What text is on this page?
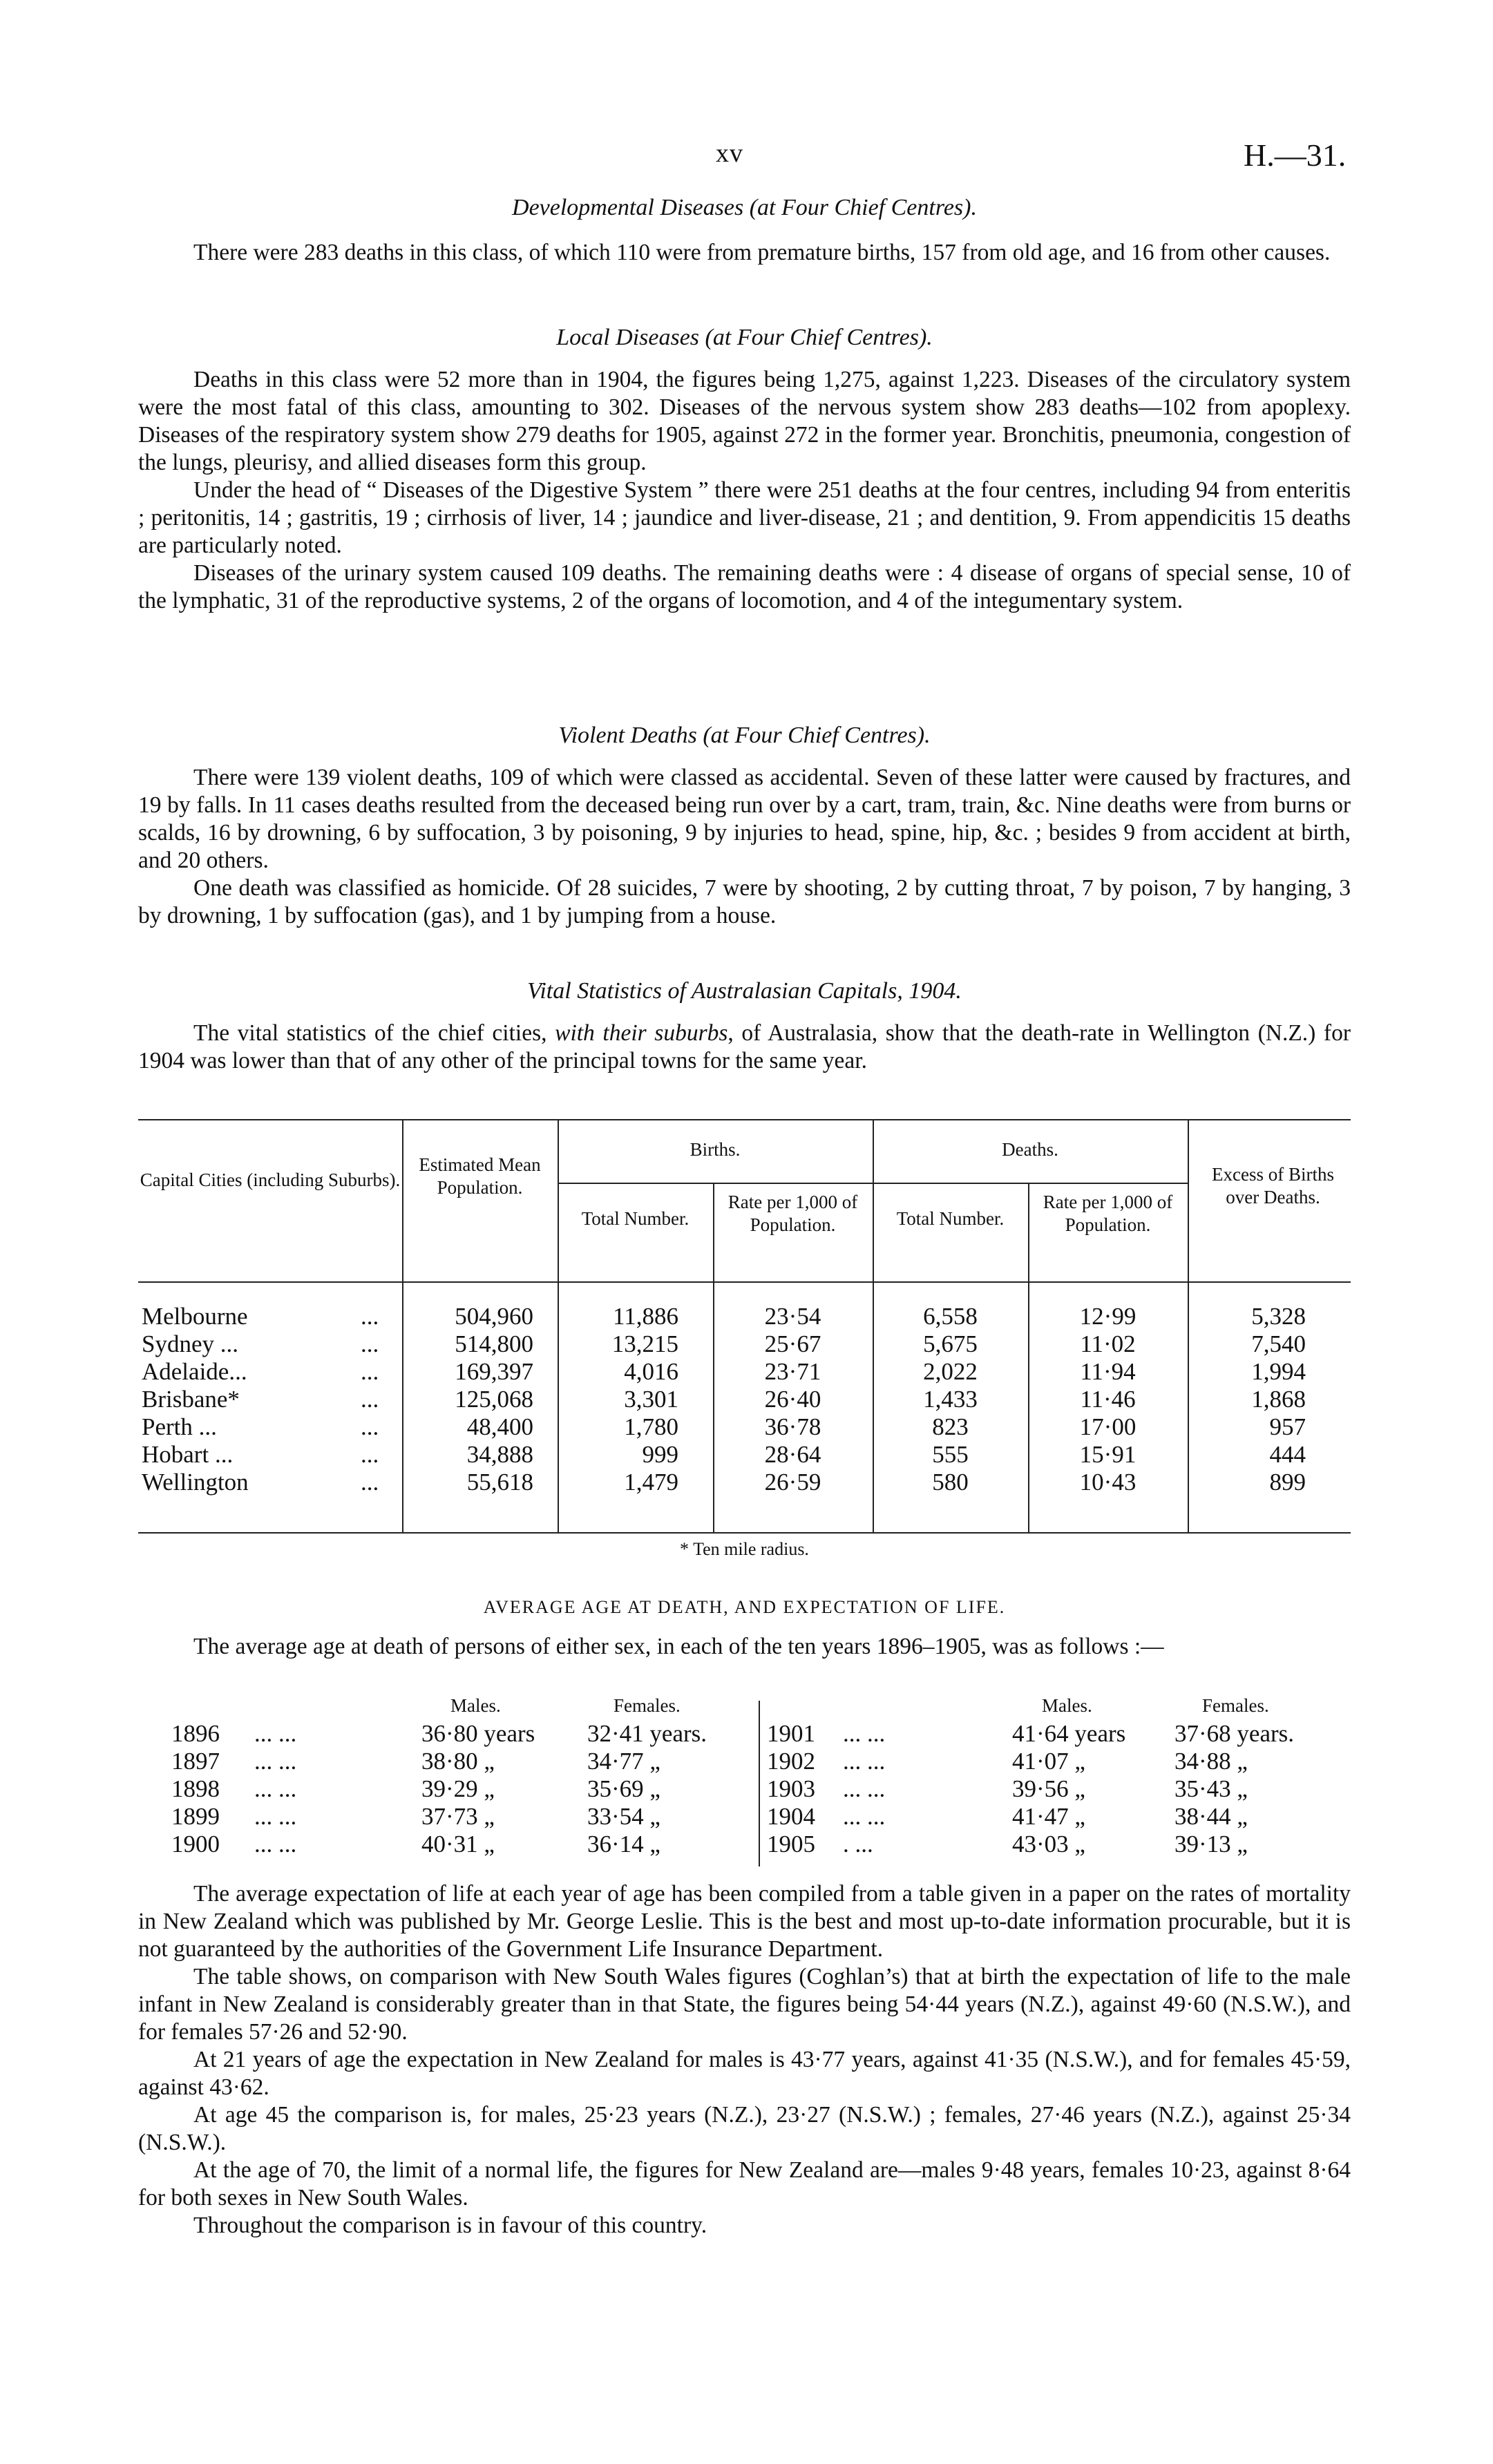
xv	H.—31.
Developmental Diseases (at Four Chief Centres).

There were 283 deaths in this class, of which 110 were from premature births, 157 from old age, and 16 from other causes.

Local Diseases (at Four Chief Centres).

Deaths in this class were 52 more than in 1904, the figures being 1,275, against 1,223. Diseases of the circulatory system were the most fatal of this class, amounting to 302. Diseases of the nervous system show 283 deaths—102 from apoplexy. Diseases of the respiratory system show 279 deaths for 1905, against 272 in the former year. Bronchitis, pneumonia, congestion of the lungs, pleurisy, and allied diseases form this group.

Under the head of “ Diseases of the Digestive System ” there were 251 deaths at the four centres, including 94 from enteritis ; peritonitis, 14 ; gastritis, 19 ; cirrhosis of liver, 14 ; jaundice and liver-disease, 21 ; and dentition, 9. From appendicitis 15 deaths are particularly noted.

Diseases of the urinary system caused 109 deaths. The remaining deaths were : 4 disease of organs of special sense, 10 of the lymphatic, 31 of the reproductive systems, 2 of the organs of locomotion, and 4 of the integumentary system.

Violent Deaths (at Four Chief Centres).

There were 139 violent deaths, 109 of which were classed as accidental. Seven of these latter were caused by fractures, and 19 by falls. In 11 cases deaths resulted from the deceased being run over by a cart, tram, train, &c. Nine deaths were from burns or scalds, 16 by drowning, 6 by suffocation, 3 by poisoning, 9 by injuries to head, spine, hip, &c. ; besides 9 from accident at birth, and 20 others.

One death was classified as homicide. Of 28 suicides, 7 were by shooting, 2 by cutting throat, 7 by poison, 7 by hanging, 3 by drowning, 1 by suffocation (gas), and 1 by jumping from a house.

Vital Statistics of Australasian Capitals, 1904.

The vital statistics of the chief cities, with their suburbs, of Australasia, show that the death-rate in Wellington (N.Z.) for 1904 was lower than that of any other of the principal towns for the same year.

Capital Cities (including Suburbs).
Estimated Mean Population.
Births.	Deaths.
Total Number.
Rate per 1,000 of Population.	Total Number.
Rate per 1,000 of Population.
Excess of Births over Deaths.
Melbourne	...	504,960	11,886	23·54	6,558	12·99	5,328
Sydney ...	...	514,800	13,215	25·67	5,675	11·02	7,540
Adelaide...	...	169,397	4,016	23·71	2,022	11·94	1,994
Brisbane*	...	125,068	3,301	26·40	1,433	11·46	1,868
Perth ...	...	48,400	1,780	36·78	823	17·00	957
Hobart ...	...	34,888	999	28·64	555	15·91	444
Wellington	...	55,618	1,479	26·59	580	10·43	899
* Ten mile radius.
AVERAGE AGE AT DEATH, AND EXPECTATION OF LIFE.

The average age at death of persons of either sex, in each of the ten years 1896–1905, was as follows :—

Males.	Females.	Males.	Females.
1896 ... ...	36·80 years 32·41 years.
1897 ... ...	38·80 „	34·77 „
1898 ... ...	39·29 „	35·69 „
1899 ... ...	37·73 „	33·54 „
1900 ... ...	40·31 „	36·14 „
1901 ... ...	41·64 years 37·68 years.
1902 ... ...	41·07 „	34·88 „
1903 ... ...	39·56 „	35·43 „
1904 ... ...	41·47 „	38·44 „
1905 . ...	43·03 „	39·13 „

The average expectation of life at each year of age has been compiled from a table given in a paper on the rates of mortality in New Zealand which was published by Mr. George Leslie. This is the best and most up-to-date information procurable, but it is not guaranteed by the authorities of the Government Life Insurance Department.

The table shows, on comparison with New South Wales figures (Coghlan’s) that at birth the expectation of life to the male infant in New Zealand is considerably greater than in that State, the figures being 54·44 years (N.Z.), against 49·60 (N.S.W.), and for females 57·26 and 52·90.

At 21 years of age the expectation in New Zealand for males is 43·77 years, against 41·35 (N.S.W.), and for females 45·59, against 43·62.

At age 45 the comparison is, for males, 25·23 years (N.Z.), 23·27 (N.S.W.) ; females, 27·46 years (N.Z.), against 25·34 (N.S.W.).

At the age of 70, the limit of a normal life, the figures for New Zealand are—males 9·48 years, females 10·23, against 8·64 for both sexes in New South Wales.

Throughout the comparison is in favour of this country.
